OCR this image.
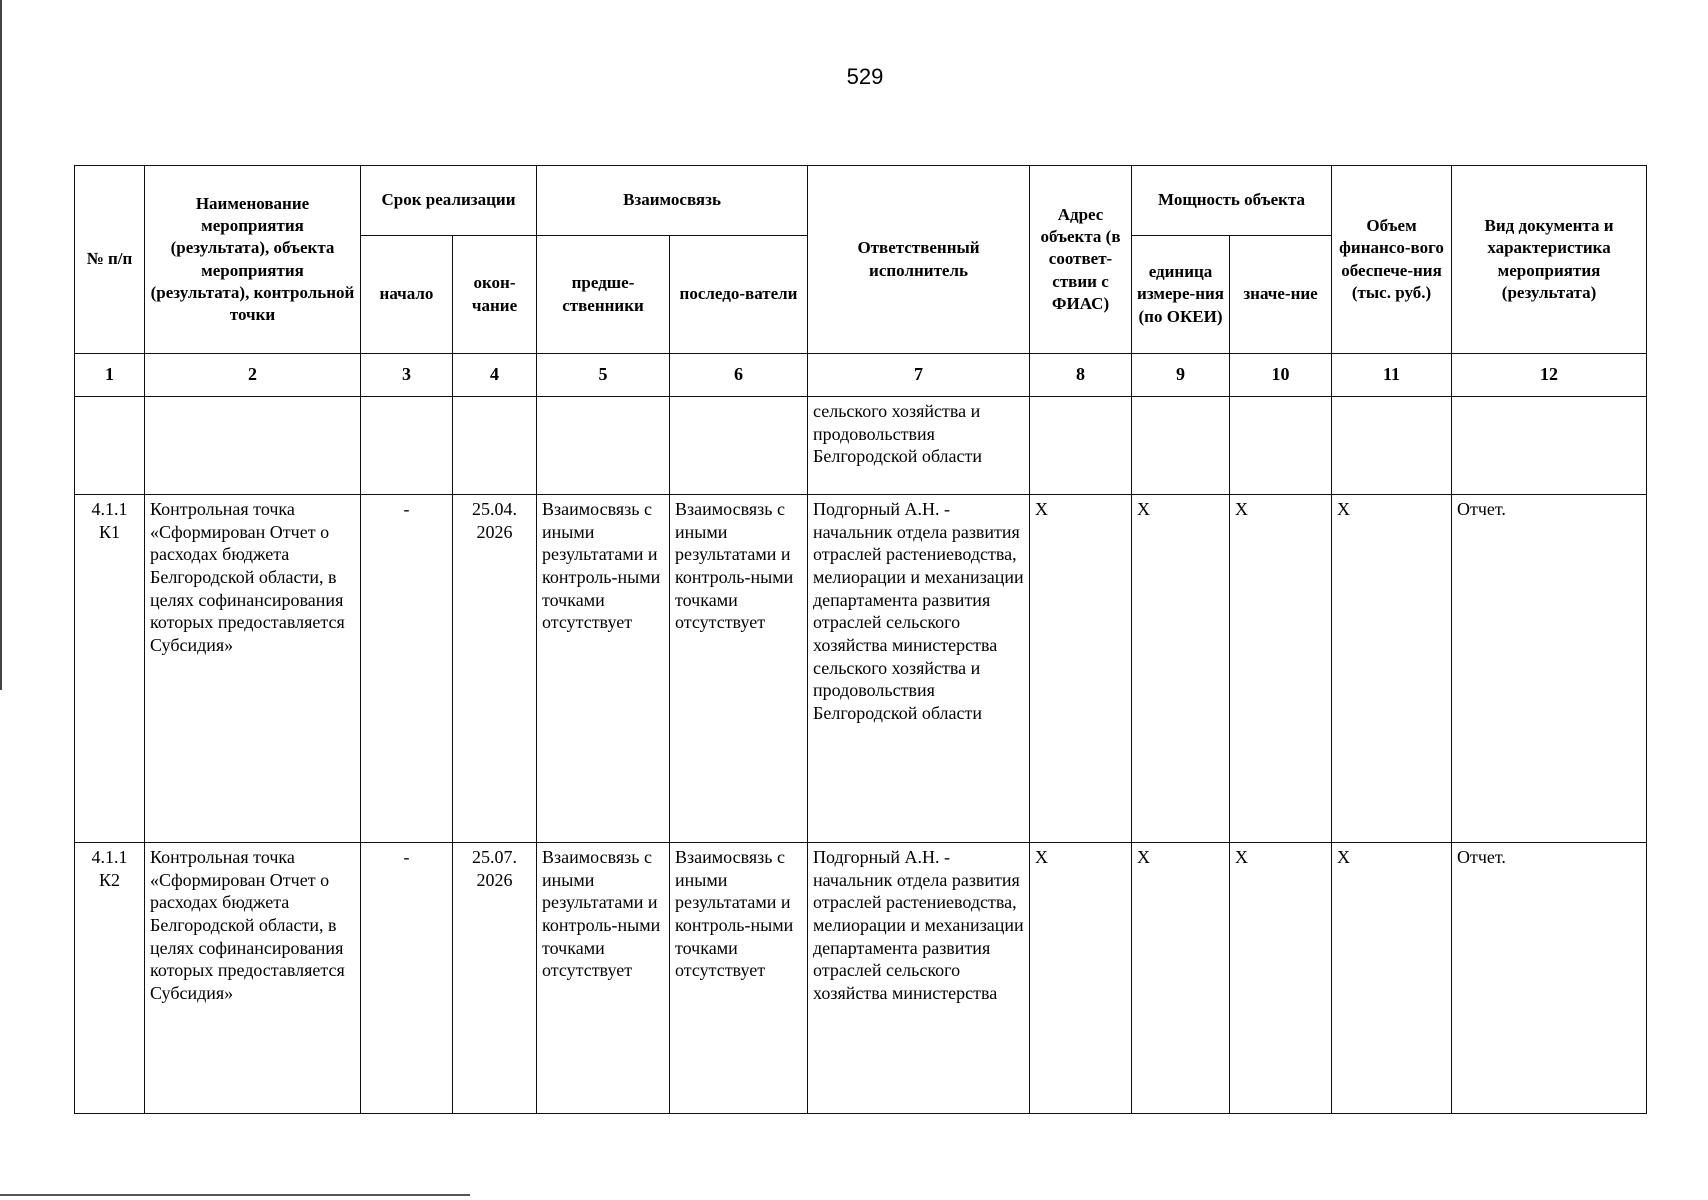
529
№ п/п	Наименование мероприятия (результата), объекта мероприятия (результата), контрольной точки	Срок реализации		Взаимосвязь		Ответственный исполнитель	Адрес объекта (в соответ-ствии с ФИАС)	Мощность объекта		Объем финансо-вого обеспече-ния (тыс. руб.)	Вид документа и характеристика мероприятия (результата)
		начало	окон-чание	предше-ственники	последо-ватели			единица измере-ния (по ОКЕИ)	значе-ние		
1	2	3	4	5	6	7	8	9	10	11	12
						сельского хозяйства и продовольствия Белгородской области					
4.1.1 К1	Контрольная точка «Сформирован Отчет о расходах бюджета Белгородской области, в целях софинансирования которых предоставляется Субсидия»	-	25.04. 2026	Взаимосвязь с иными результатами и контроль-ными точками отсутствует	Взаимосвязь с иными результатами и контроль-ными точками отсутствует	Подгорный А.Н. - начальник отдела развития отраслей растениеводства, мелиорации и механизации департамента развития отраслей сельского хозяйства министерства сельского хозяйства и продовольствия Белгородской области	X	X	X	X	Отчет.
4.1.1 К2	Контрольная точка «Сформирован Отчет о расходах бюджета Белгородской области, в целях софинансирования которых предоставляется Субсидия»	-	25.07. 2026	Взаимосвязь с иными результатами и контроль-ными точками отсутствует	Взаимосвязь с иными результатами и контроль-ными точками отсутствует	Подгорный А.Н. - начальник отдела развития отраслей растениеводства, мелиорации и механизации департамента развития отраслей сельского хозяйства министерства	X	X	X	X	Отчет.
